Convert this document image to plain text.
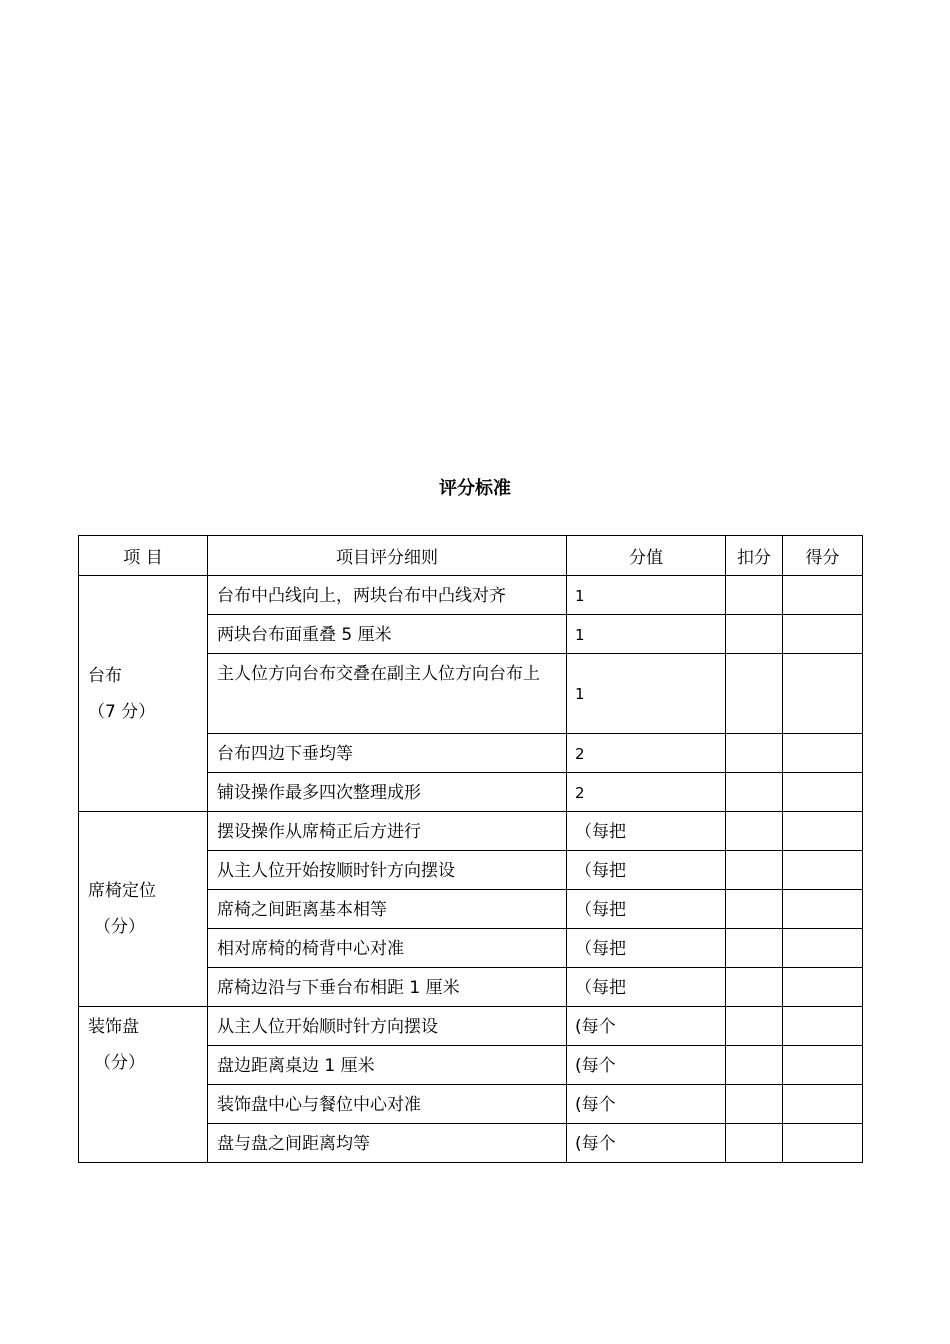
评分标准
项 目	项目评分细则	分值	扣分	得分

台布
（7 分）	台布中凸线向上，两块台布中凸线对齐	1		
	两块台布面重叠 5 厘米	1		
	主人位方向台布交叠在副主人位方向台布上	1		
	台布四边下垂均等	2		
	铺设操作最多四次整理成形	2		

席椅定位
（分）	摆设操作从席椅正后方进行	（每把		
	从主人位开始按顺时针方向摆设	（每把		
	席椅之间距离基本相等	（每把		
	相对席椅的椅背中心对准	（每把		
	席椅边沿与下垂台布相距 1 厘米	（每把		

装饰盘
（分）	从主人位开始顺时针方向摆设	(每个		
	盘边距离桌边 1 厘米	(每个		
	装饰盘中心与餐位中心对准	(每个		
	盘与盘之间距离均等	(每个		
